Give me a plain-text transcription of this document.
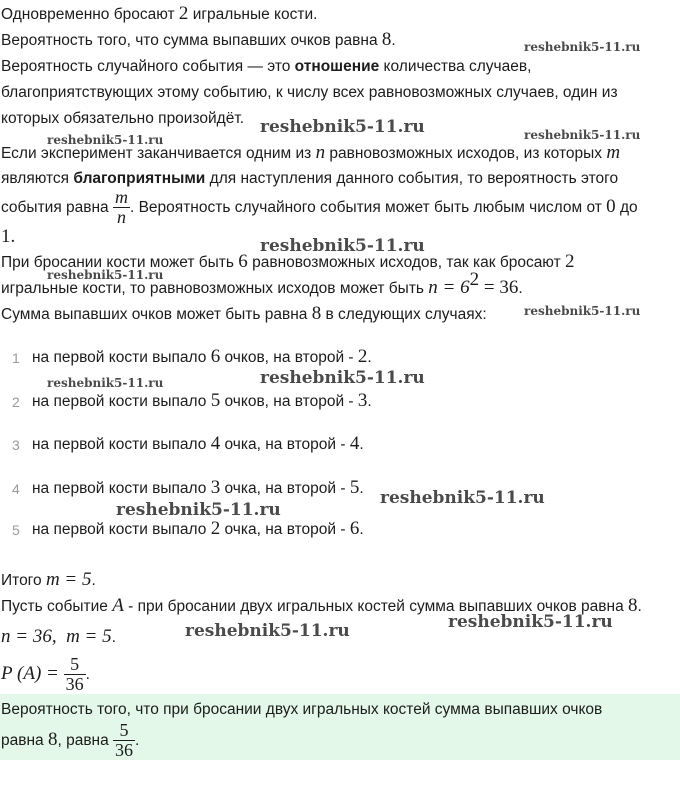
Одновременно бросают 2 игральные кости.
Вероятность того, что сумма выпавших очков равна 8.
Вероятность случайного события — это отношение количества случаев,
благоприятствующих этому событию, к числу всех равновозможных случаев, один из
которых обязательно произойдёт.
Если эксперимент заканчивается одним из n равновозможных исходов, из которых m
являются благоприятными для наступления данного события, то вероятность этого
события равна $\frac{m}{n}$ . Вероятность случайного события может быть любым числом от 0 до
1.
При бросании кости может быть 6 равновозможных исходов, так как бросают 2
игральные кости, то равновозможных исходов может быть $n = 6^2 = 36$.
Сумма выпавших очков может быть равна 8 в следующих случаях:
1 на первой кости выпало 6 очков, на второй - 2.
2 на первой кости выпало 5 очков, на второй - 3.
3 на первой кости выпало 4 очка, на второй - 4.
4 на первой кости выпало 3 очка, на второй - 5.
5 на первой кости выпало 2 очка, на второй - 6.
Итого m = 5.
Пусть событие A - при бросании двух игральных костей сумма выпавших очков равна 8.
n = 36,  m = 5.
P $(A) = \frac{5}{36}$ .
Вероятность того, что при бросании двух игральных костей сумма выпавших очков
равна 8, равна $\frac{5}{36}$ .
reshebnik5-11.ru
reshebnik5-11.ru
reshebnik5-11.ru	reshebnik5-11.ru
reshebnik5-11.ru
reshebnik5-11.ru
reshebnik5-11.ru
reshebnik5-11.ru	reshebnik5-11.ru
reshebnik5-11.ru
reshebnik5-11.ru
reshebnik5-11.ru	reshebnik5-11.ru
